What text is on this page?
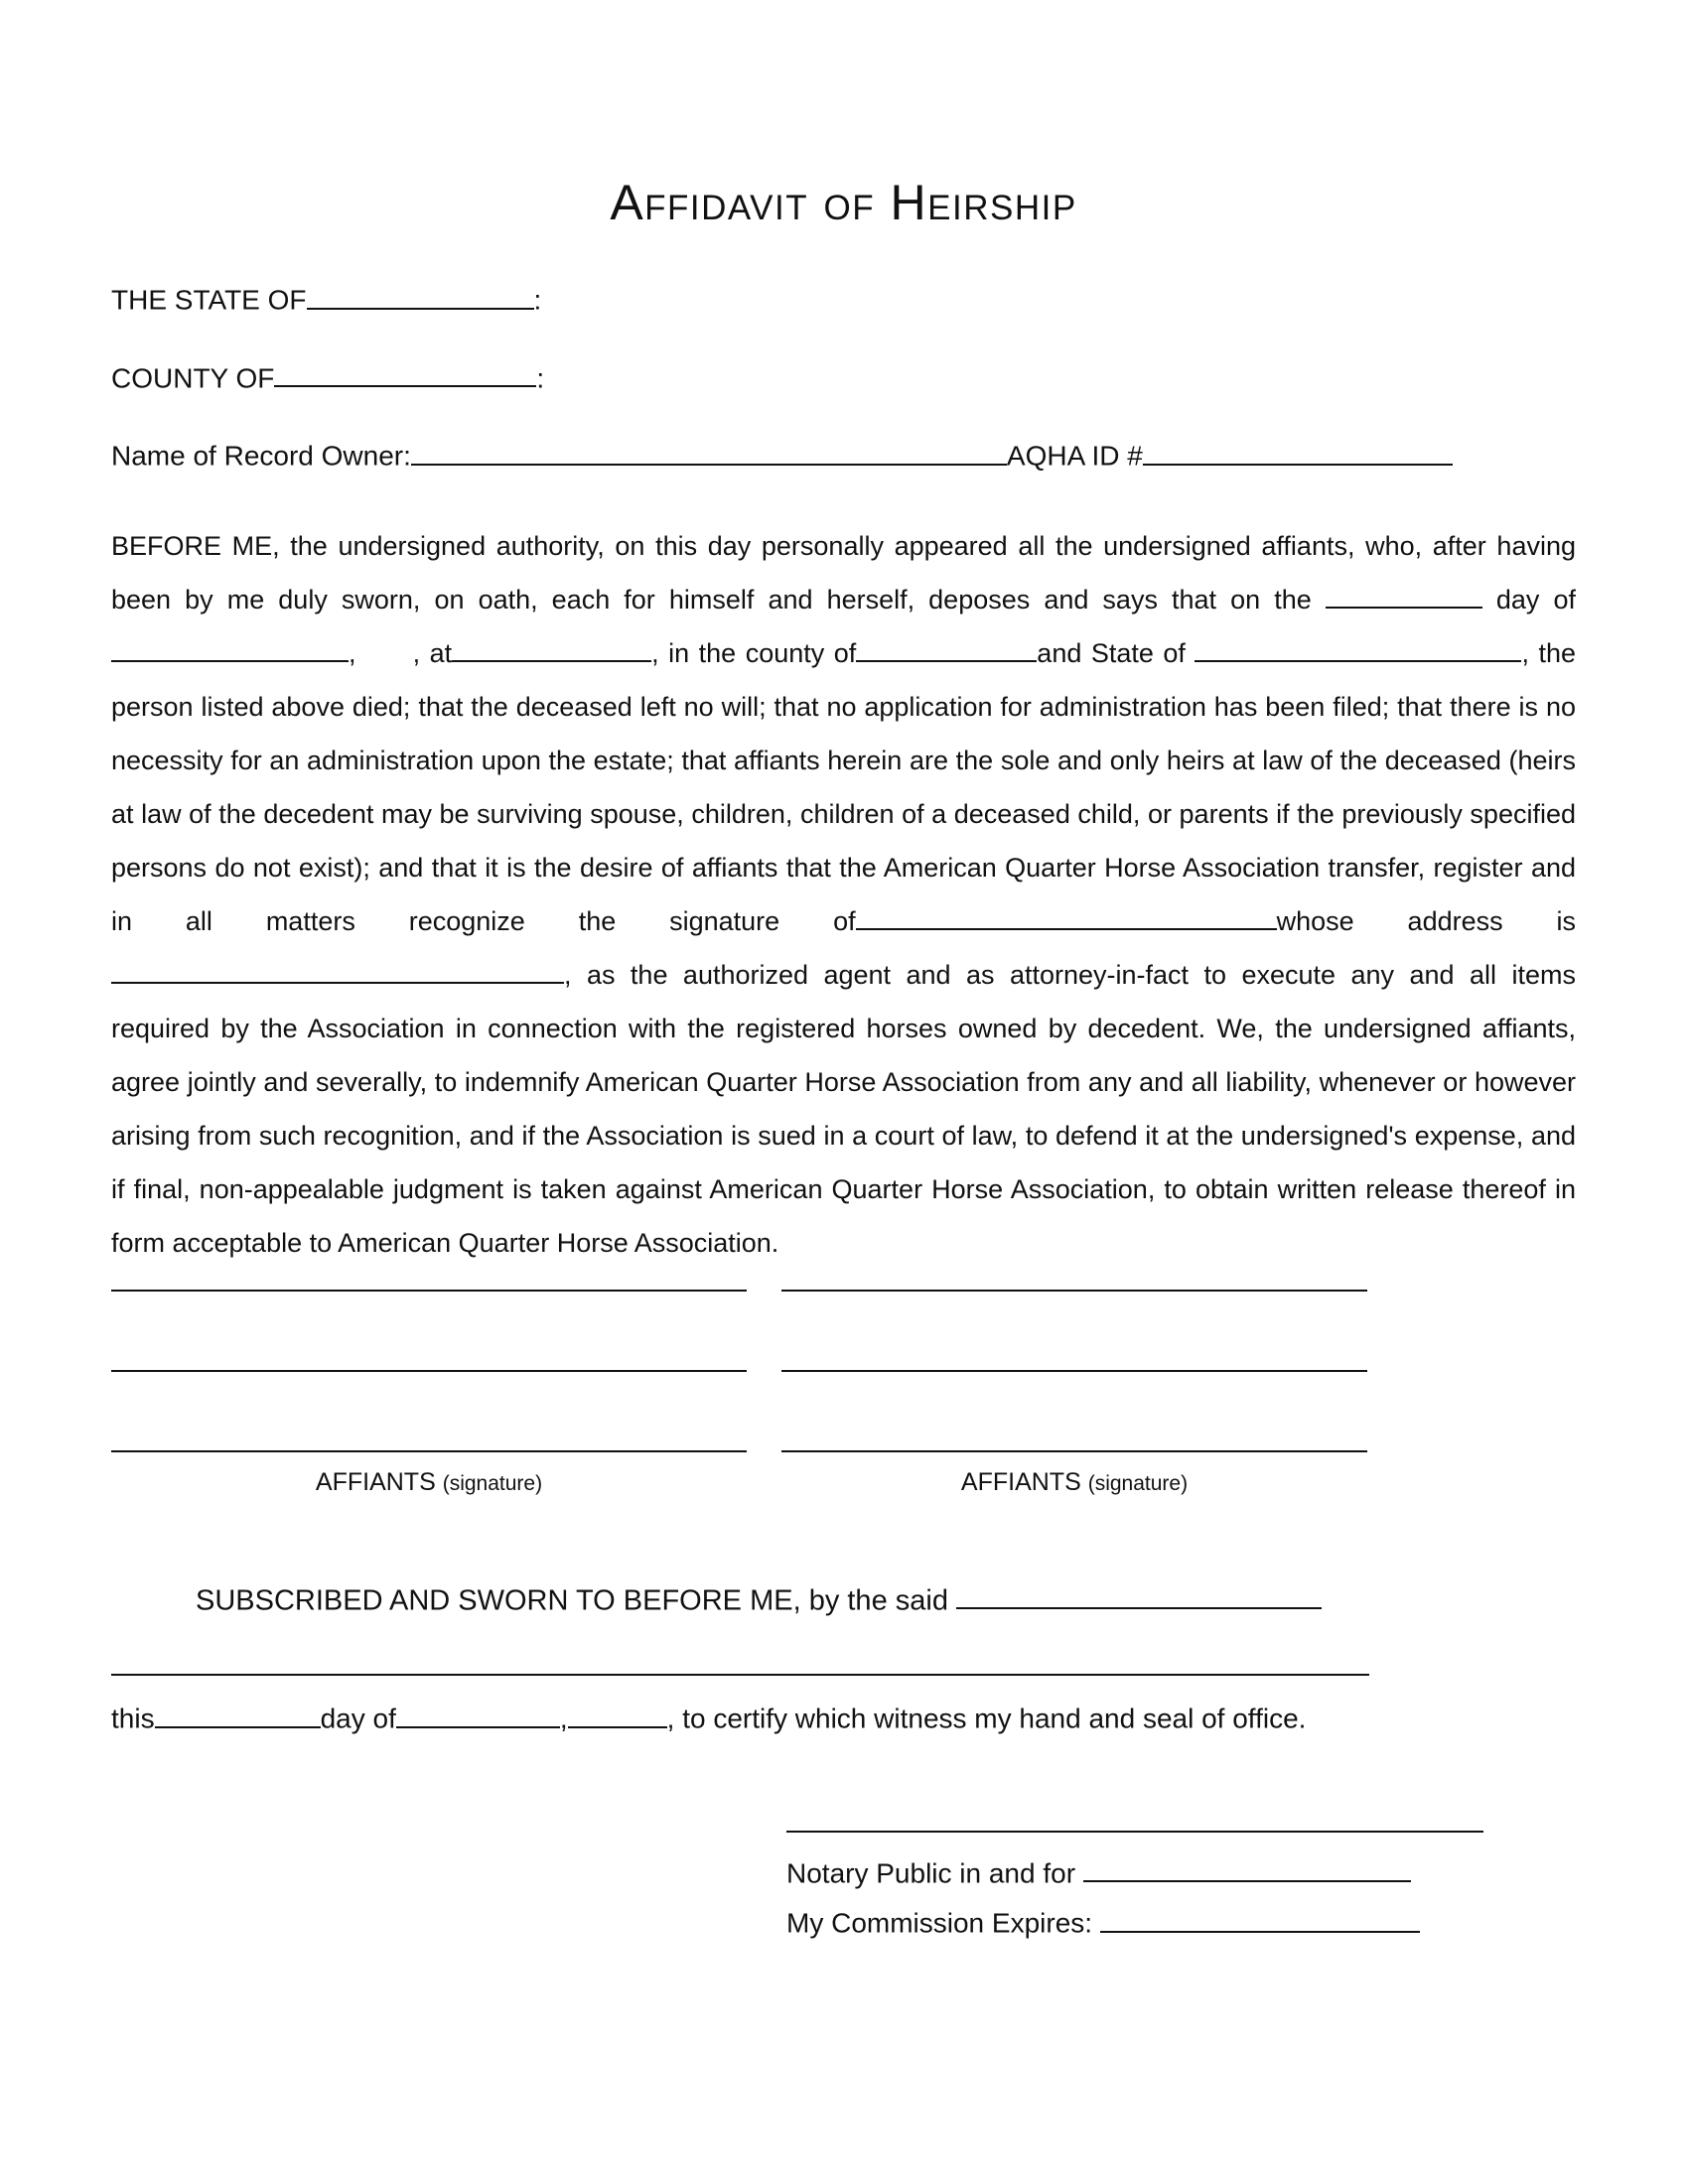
Affidavit of Heirship
THE STATE OF	:
COUNTY OF	:
Name of Record Owner:	AQHA ID #

BEFORE ME, the undersigned authority, on this day personally appeared all the undersigned affiants, who, after having been by me duly sworn, on oath, each for himself and herself, deposes and says that on the	day of,      , at	, in the county of	and State of	, the person listed above died; that the deceased left no will; that no application for administration has been filed; that there is no necessity for an administration upon the estate; that affiants herein are the sole and only heirs at law of the deceased (heirs at law of the decedent may be surviving spouse, children, children of a deceased child, or parents if the previously specified persons do not exist); and that it is the desire of affiants that the American Quarter Horse Association transfer, register and in all matters recognize the signature of	whose address is, as the authorized agent and as attorney-in-fact to execute any and all items required by the Association in connection with the registered horses owned by decedent. We, the undersigned affiants, agree jointly and severally, to indemnify American Quarter Horse Association from any and all liability, whenever or however arising from such recognition, and if the Association is sued in a court of law, to defend it at the undersigned's expense, and if final, non-appealable judgment is taken against American Quarter Horse Association, to obtain written release thereof in form acceptable to American Quarter Horse Association.

AFFIANTS (signature)	AFFIANTS (signature)
SUBSCRIBED AND SWORN TO BEFORE ME, by the said
this	day of	,	, to certify which witness my hand and seal of office.
Notary Public in and for
My Commission Expires:
